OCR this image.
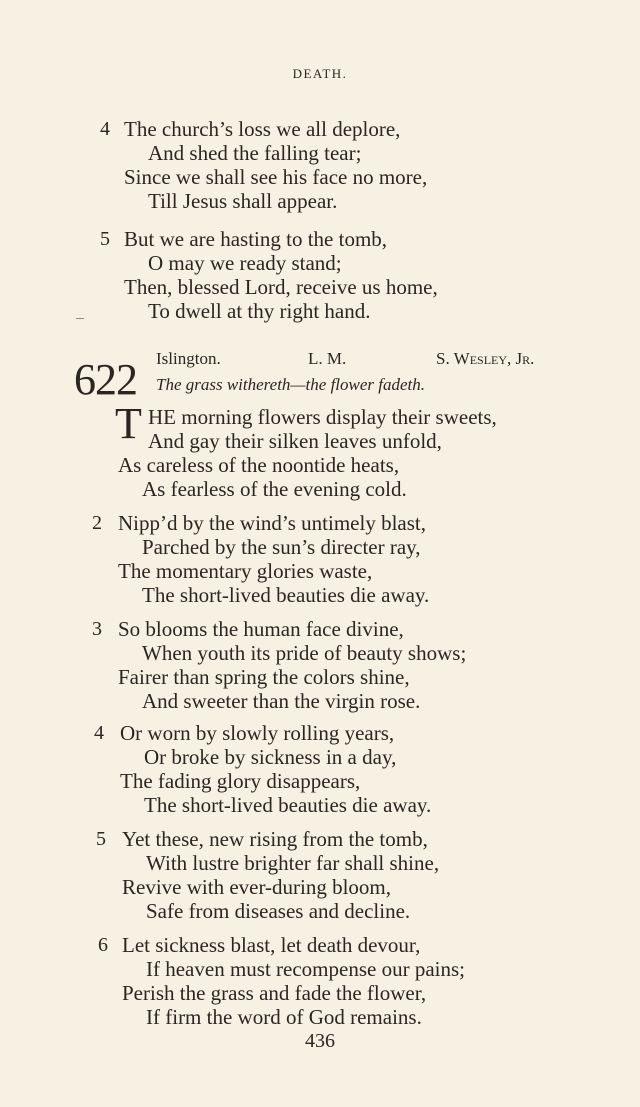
DEATH.
4 The church’s loss we all deplore,
And shed the falling tear;
Since we shall see his face no more,
Till Jesus shall appear.
5 But we are hasting to the tomb,
O may we ready stand;
Then, blessed Lord, receive us home,
To dwell at thy right hand.
622 Islington.	L. M.	S. Wesley, Jr.
The grass withereth—the flower fadeth.
T HE morning flowers display their sweets,
And gay their silken leaves unfold,
As careless of the noontide heats,
As fearless of the evening cold.
2 Nipp’d by the wind’s untimely blast,
Parched by the sun’s directer ray,
The momentary glories waste,
The short-lived beauties die away.
3 So blooms the human face divine,
When youth its pride of beauty shows;
Fairer than spring the colors shine,
And sweeter than the virgin rose.
4 Or worn by slowly rolling years,
Or broke by sickness in a day,
The fading glory disappears,
The short-lived beauties die away.
5 Yet these, new rising from the tomb,
With lustre brighter far shall shine,
Revive with ever-during bloom,
Safe from diseases and decline.
6 Let sickness blast, let death devour,
If heaven must recompense our pains;
Perish the grass and fade the flower,
If firm the word of God remains.
436
